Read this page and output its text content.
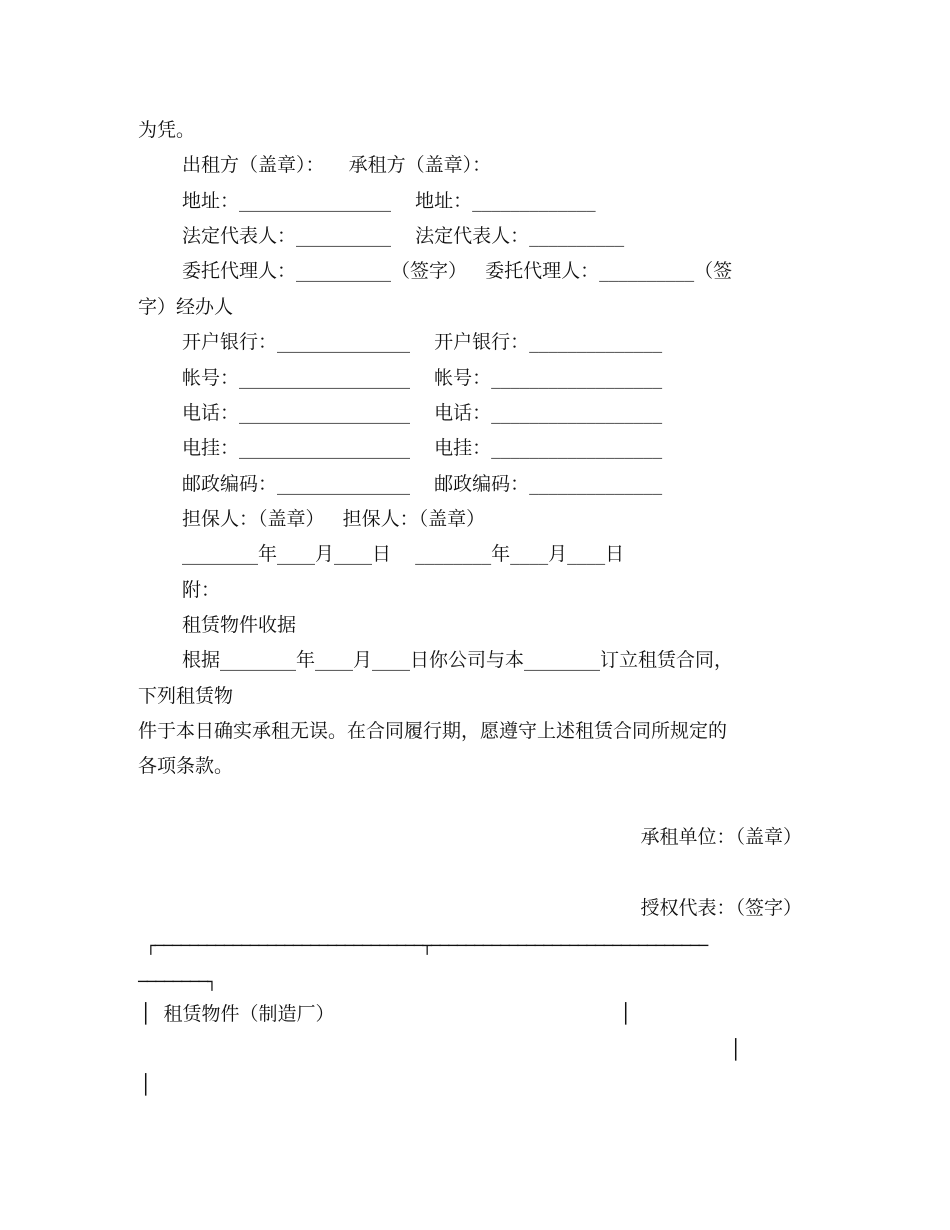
为凭。
出租方（盖章）：    承租方（盖章）：
地址：________________    地址：_____________
法定代表人：__________    法定代表人：__________
委托代理人：__________（签字）   委托代理人：__________（签
字）经办人
开户银行：______________    开户银行：______________
帐号：__________________    帐号：__________________
电话：__________________    电话：__________________
电挂：__________________    电挂：__________________
邮政编码：______________    邮政编码：______________
担保人：（盖章）   担保人：（盖章）
________年____月____日    ________年____月____日
附：
租赁物件收据
根据________年____月____日你公司与本________订立租赁合同，
下列租赁物
件于本日确实承租无误。在合同履行期，愿遵守上述租赁合同所规定的
各项条款。
承租单位：（盖章）
授权代表：（签字）
┌───────────────────────────────┬────────────────────────────────
────────┐
│  租赁物件（制造厂）	│
│
│
